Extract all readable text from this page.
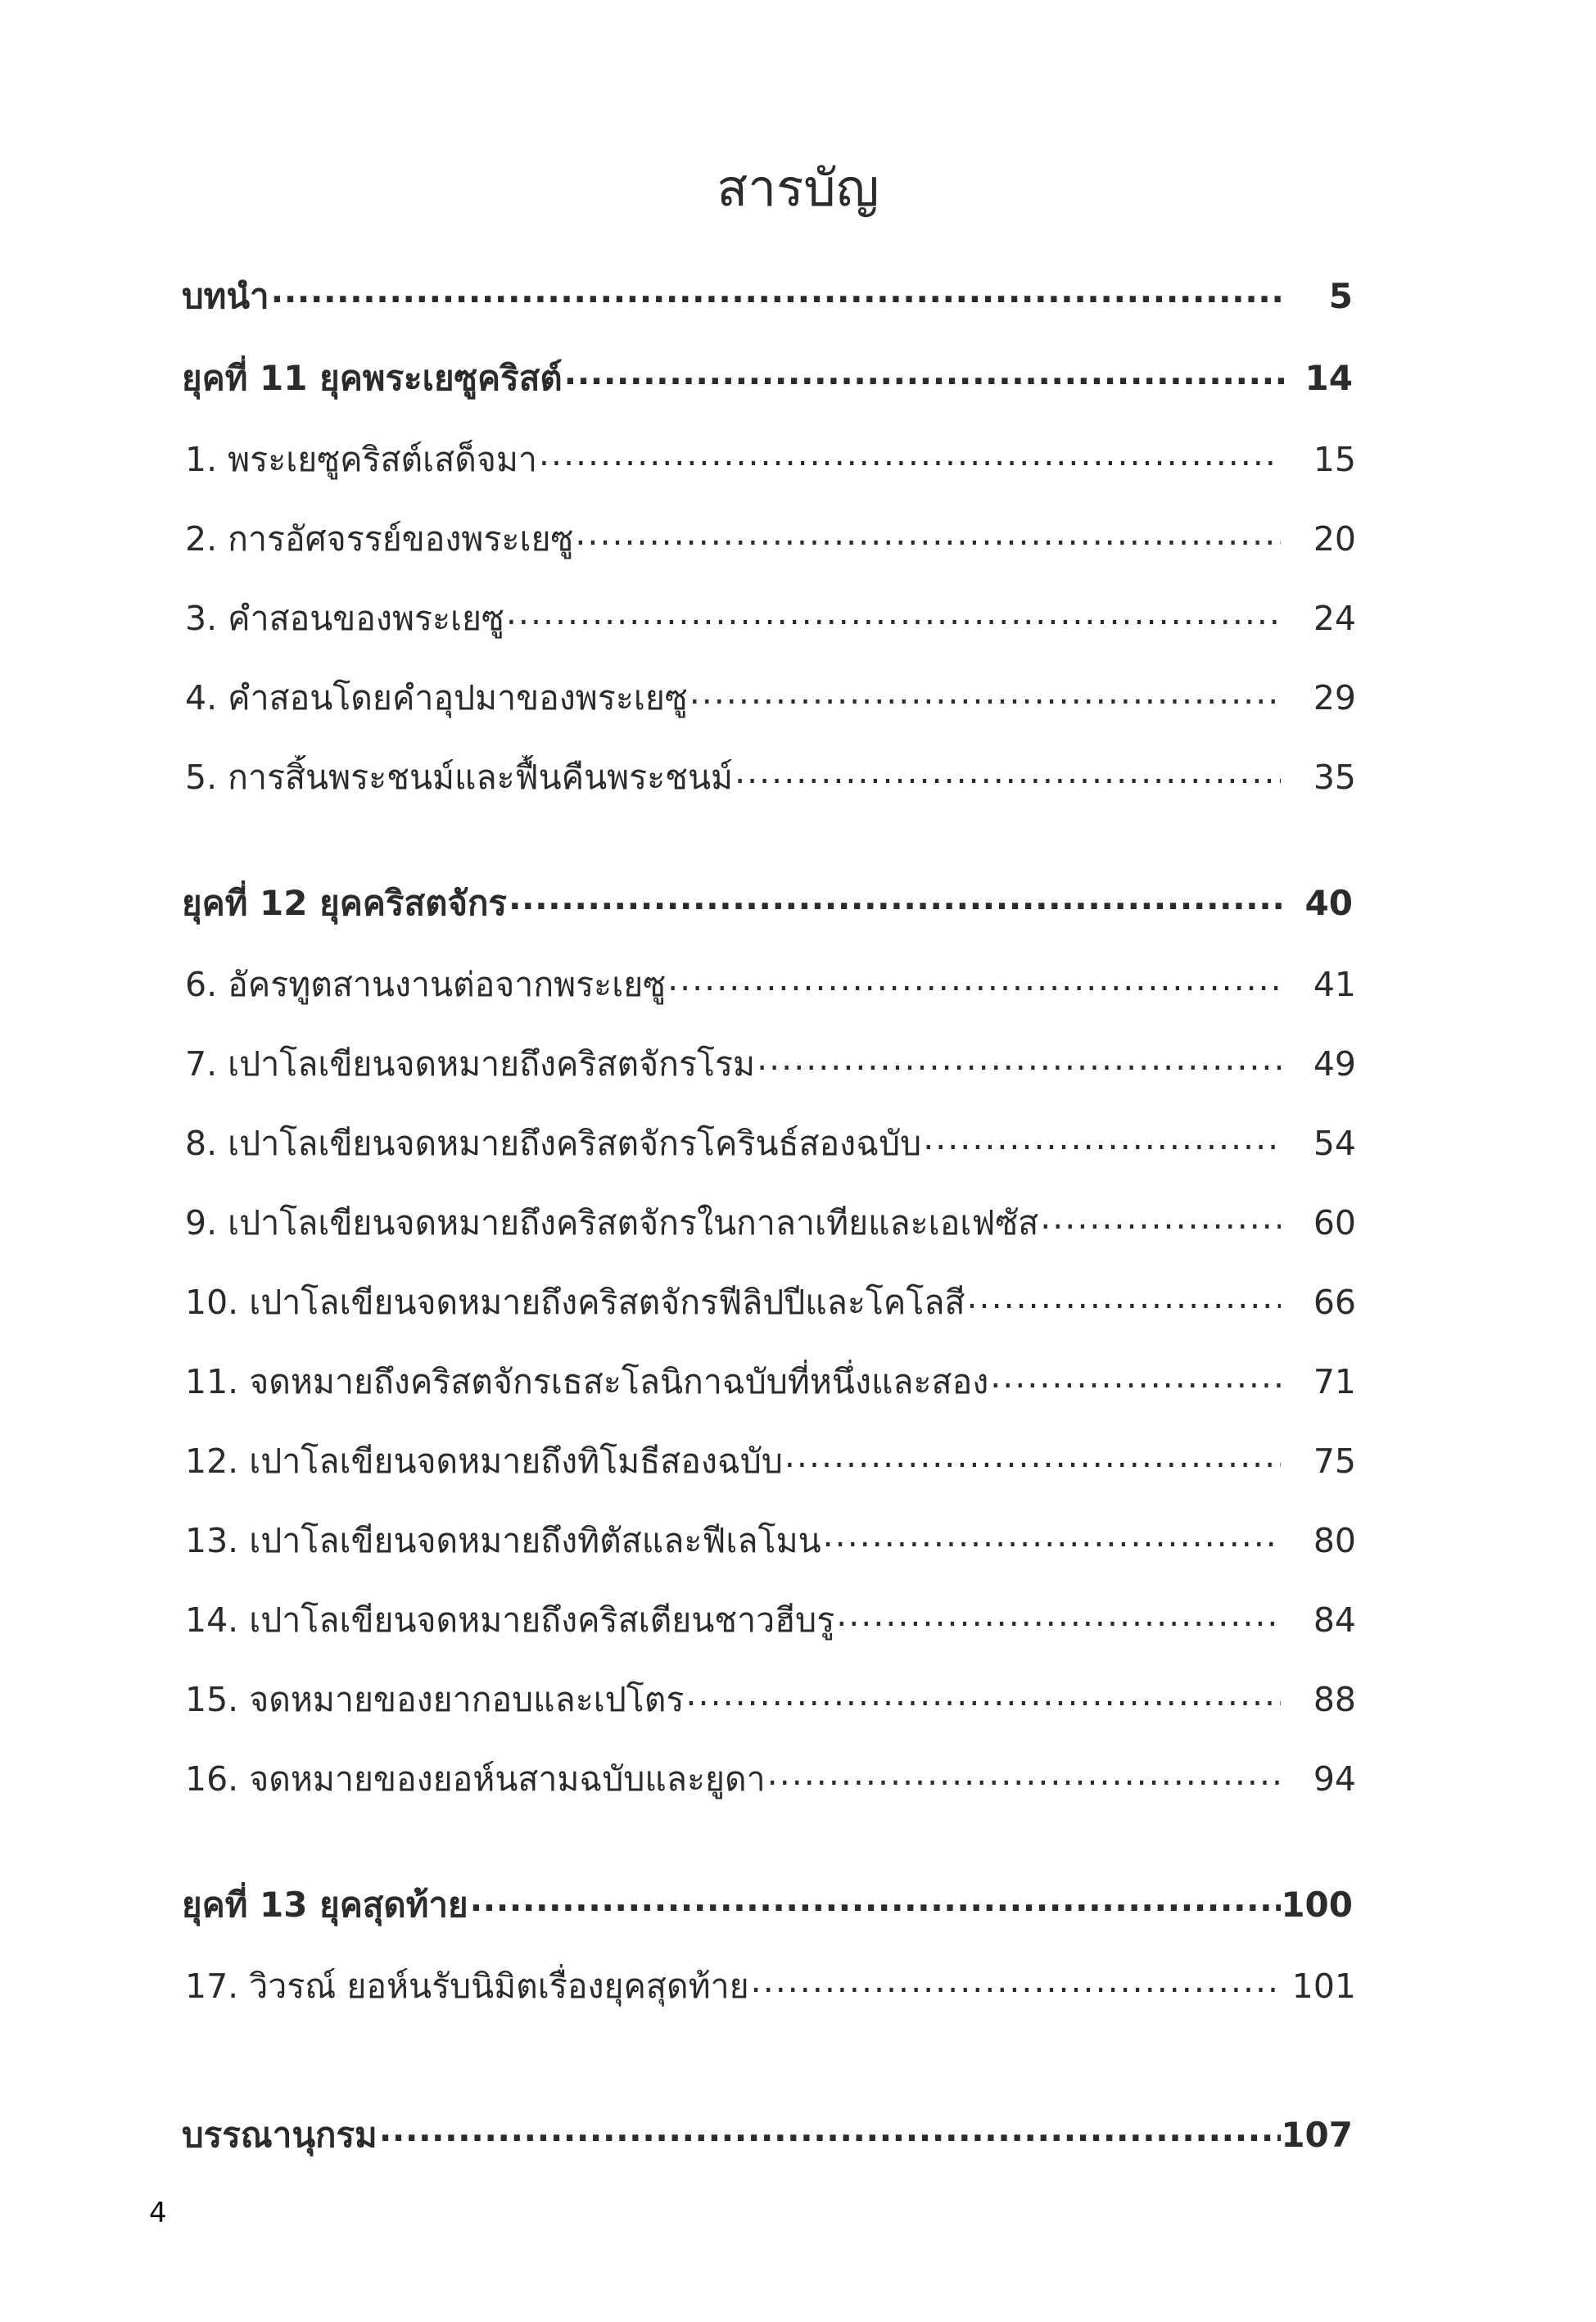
สารบัญ
บทนำ .....	5
ยุคที่ 11 ยุคพระเยซูคริสต์ .....	14
1. พระเยซูคริสต์เสด็จมา .....	15
2. การอัศจรรย์ของพระเยซู .....	20
3. คำสอนของพระเยซู .....	24
4. คำสอนโดยคำอุปมาของพระเยซู .....	29
5. การสิ้นพระชนม์และฟื้นคืนพระชนม์ .....	35
ยุคที่ 12 ยุคคริสตจักร .....	40
6. อัครทูตสานงานต่อจากพระเยซู .....	41
7. เปาโลเขียนจดหมายถึงคริสตจักรโรม .....	49
8. เปาโลเขียนจดหมายถึงคริสตจักรโครินธ์สองฉบับ .....	54
9. เปาโลเขียนจดหมายถึงคริสตจักรในกาลาเทียและเอเฟซัส .....	60
10. เปาโลเขียนจดหมายถึงคริสตจักรฟีลิปปีและโคโลสี .....	66
11. จดหมายถึงคริสตจักรเธสะโลนิกาฉบับที่หนึ่งและสอง .....	71
12. เปาโลเขียนจดหมายถึงทิโมธีสองฉบับ .....	75
13. เปาโลเขียนจดหมายถึงทิตัสและฟีเลโมน .....	80
14. เปาโลเขียนจดหมายถึงคริสเตียนชาวฮีบรู .....	84
15. จดหมายของยากอบและเปโตร .....	88
16. จดหมายของยอห์นสามฉบับและยูดา .....	94
ยุคที่ 13 ยุคสุดท้าย .....	100
17. วิวรณ์ ยอห์นรับนิมิตเรื่องยุคสุดท้าย .....	101
บรรณานุกรม .....	107
4
